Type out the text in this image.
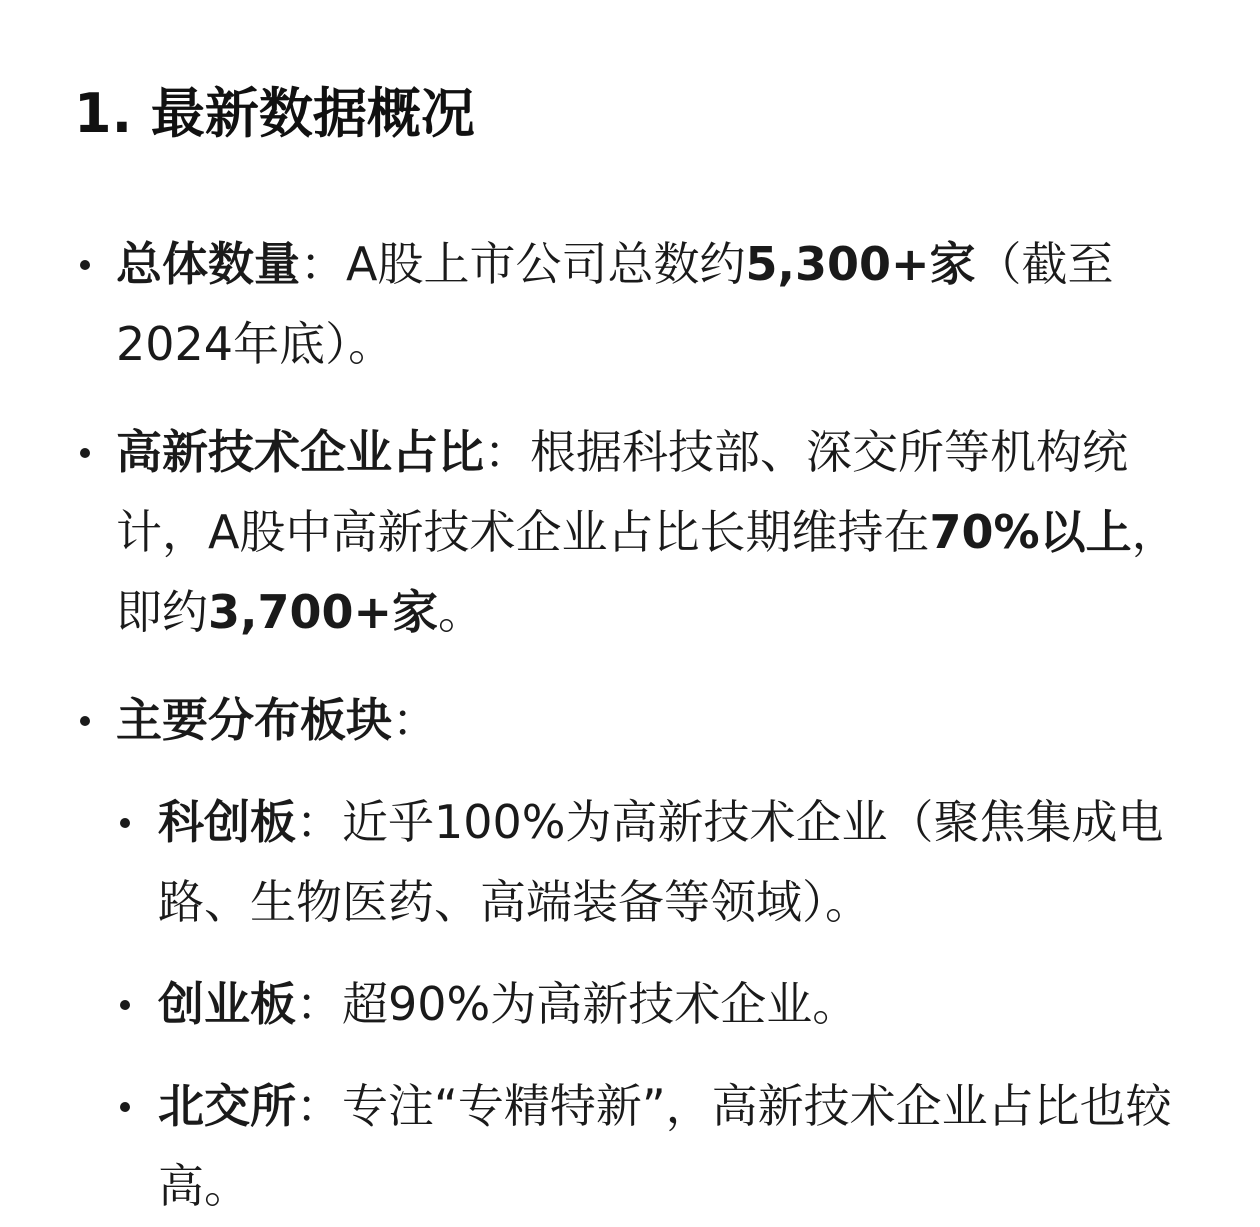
1. 最新数据概况
总体数量：A股上市公司总数约5,300+家（截至2024年底）。
高新技术企业占比：根据科技部、深交所等机构统计，A股中高新技术企业占比长期维持在70%以上，即约3,700+家。
主要分布板块：
科创板：近乎100%为高新技术企业（聚焦集成电路、生物医药、高端装备等领域）。
创业板：超90%为高新技术企业。
北交所：专注“专精特新”，高新技术企业占比也较高。
